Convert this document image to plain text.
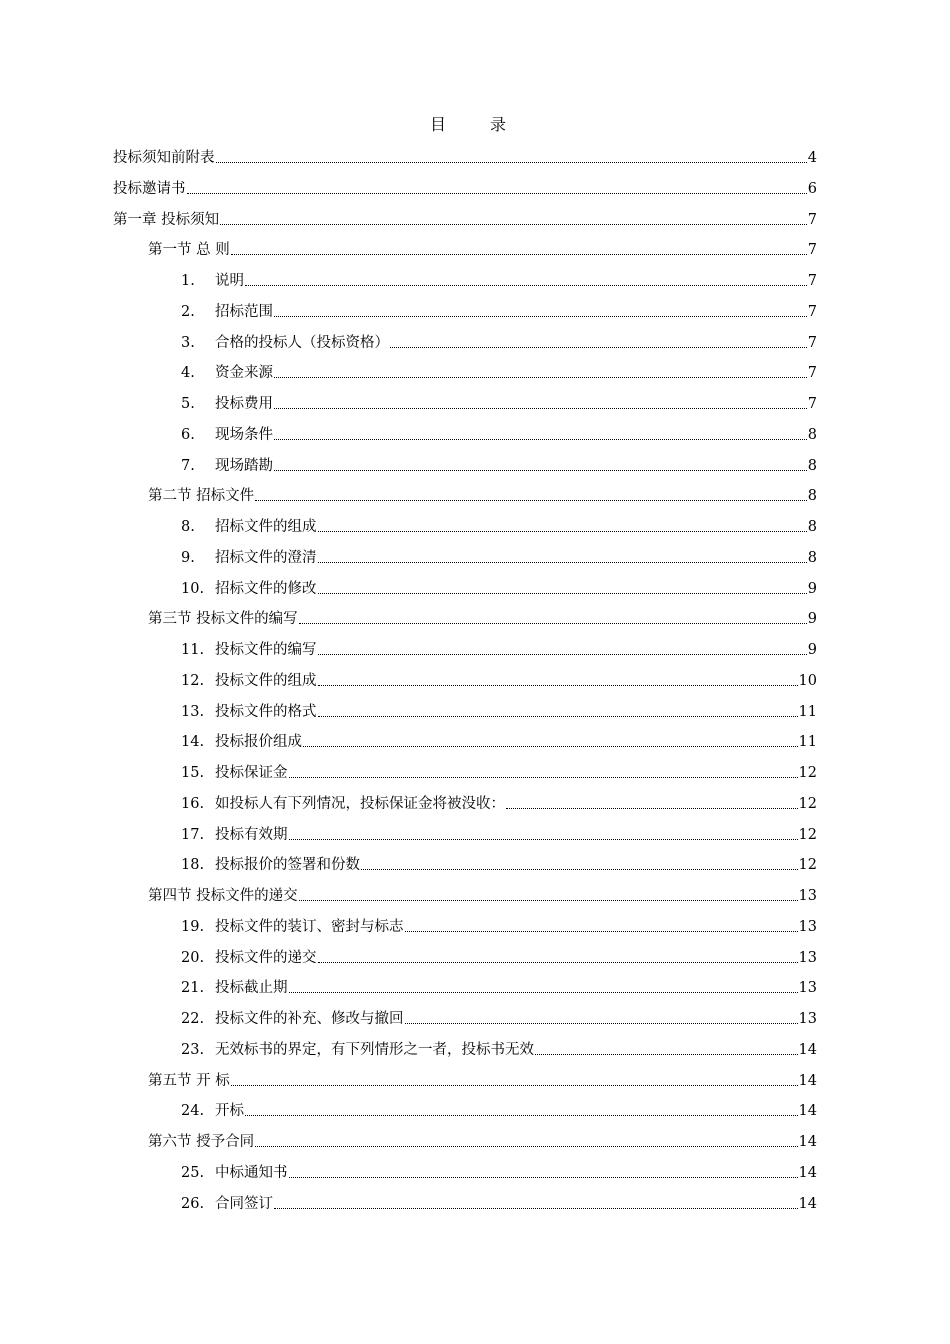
目　录
投标须知前附表	4
投标邀请书	6
第一章 投标须知	7
第一节 总 则	7
1.	说明	7
2.	招标范围	7
3.	合格的投标人（投标资格）	7
4.	资金来源	7
5.	投标费用	7
6.	现场条件	8
7.	现场踏勘	8
第二节 招标文件	8
8.	招标文件的组成	8
9.	招标文件的澄清	8
10. 招标文件的修改	9
第三节 投标文件的编写	9
11. 投标文件的编写	9
12. 投标文件的组成	10
13. 投标文件的格式	11
14. 投标报价组成	11
15. 投标保证金	12
16. 如投标人有下列情况，投标保证金将被没收：	12
17. 投标有效期	12
18. 投标报价的签署和份数	12
第四节 投标文件的递交	13
19. 投标文件的装订、密封与标志	13
20. 投标文件的递交	13
21. 投标截止期	13
22. 投标文件的补充、修改与撤回	13
23. 无效标书的界定，有下列情形之一者，投标书无效	14
第五节 开 标	14
24. 开标	14
第六节 授予合同	14
25. 中标通知书	14
26. 合同签订	14
